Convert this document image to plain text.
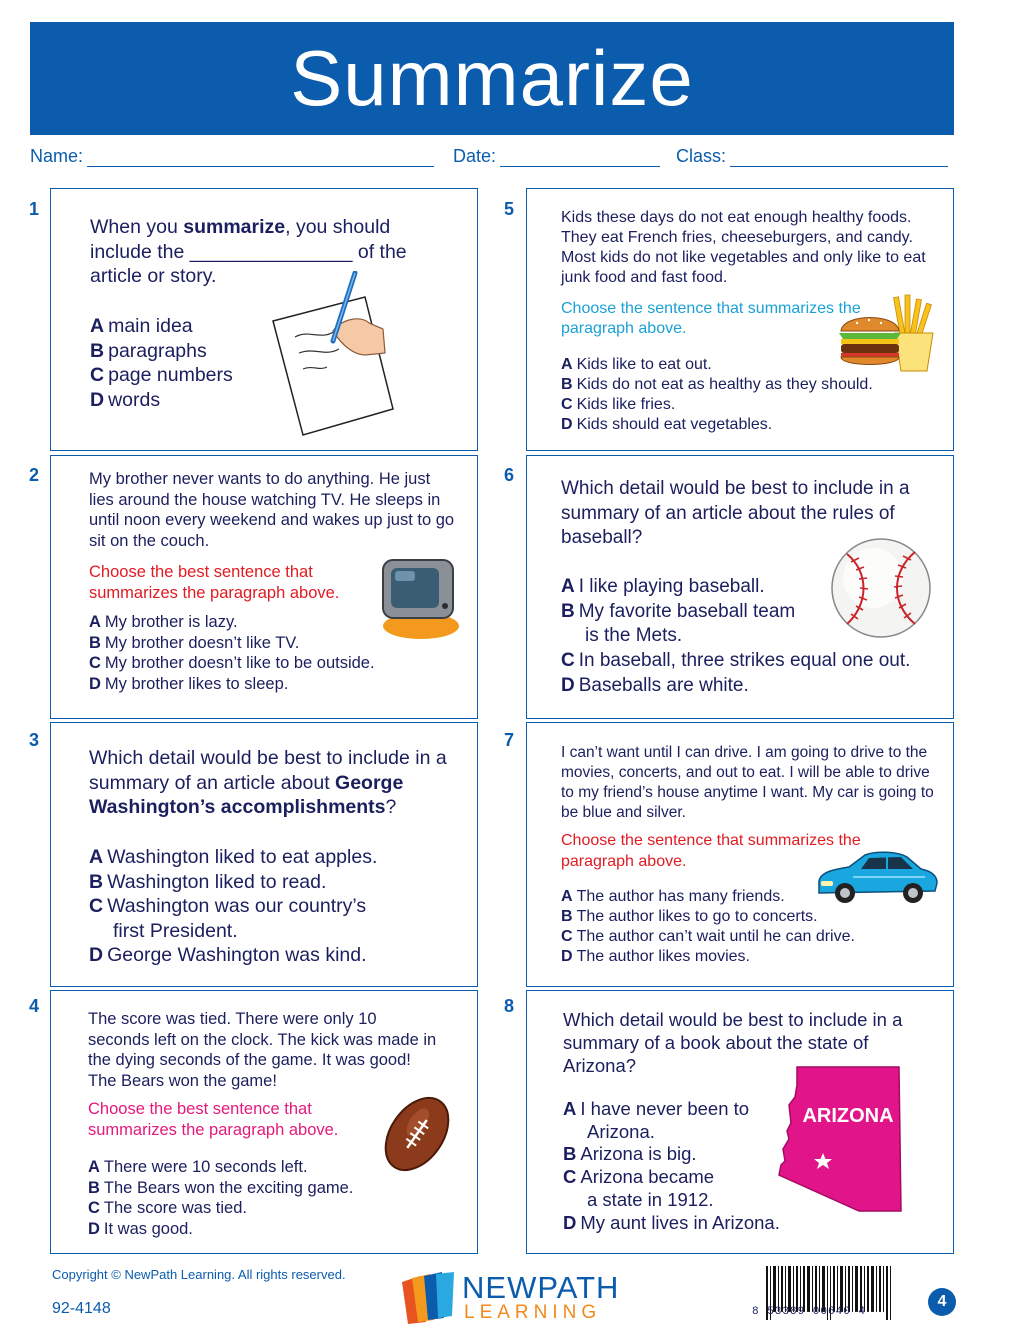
Summarize
Name:	Date:	Class:
1
When you summarize, you should include the _______________ of the article or story.
A main idea
B paragraphs
C page numbers
D words
2	My brother never wants to do anything. He just lies around the house watching TV. He sleeps in until noon every weekend and wakes up just to go sit on the couch.
Choose the best sentence that summarizes the paragraph above.
A My brother is lazy.
B My brother doesn’t like TV.
C My brother doesn’t like to be outside.
D My brother likes to sleep.
3
Which detail would be best to include in a summary of an article about George Washington’s accomplishments?
A Washington liked to eat apples.
B Washington liked to read.
C Washington was our country’s
first President.
D George Washington was kind.
4
The score was tied. There were only 10 seconds left on the clock. The kick was made in the dying seconds of the game. It was good! The Bears won the game!
Choose the best sentence that summarizes the paragraph above.
A There were 10 seconds left.
B The Bears won the exciting game.
C The score was tied.
D It was good.
5	Kids these days do not eat enough healthy foods. They eat French fries, cheeseburgers, and candy. Most kids do not like vegetables and only like to eat junk food and fast food.
Choose the sentence that summarizes the paragraph above.
A Kids like to eat out.
B Kids do not eat as healthy as they should.
C Kids like fries.
D Kids should eat vegetables.
6
Which detail would be best to include in a summary of an article about the rules of baseball?
A I like playing baseball.
B My favorite baseball team
is the Mets.
C In baseball, three strikes equal one out.
D Baseballs are white.
7
I can’t want until I can drive. I am going to drive to the movies, concerts, and out to eat. I will be able to drive to my friend’s house anytime I want. My car is going to be blue and silver.
Choose the sentence that summarizes the paragraph above.
A The author has many friends.
B The author likes to go to concerts.
C The author can’t wait until he can drive.
D The author likes movies.
8
Which detail would be best to include in a summary of a book about the state of Arizona?
A I have never been to
Arizona.
B Arizona is big.
C Arizona became
a state in 1912.
D My aunt lives in Arizona.
ARIZONA
Copyright © NewPath Learning. All rights reserved.
92-4148
NEWPATH
LEARNING	8 53389 00640 4
4
